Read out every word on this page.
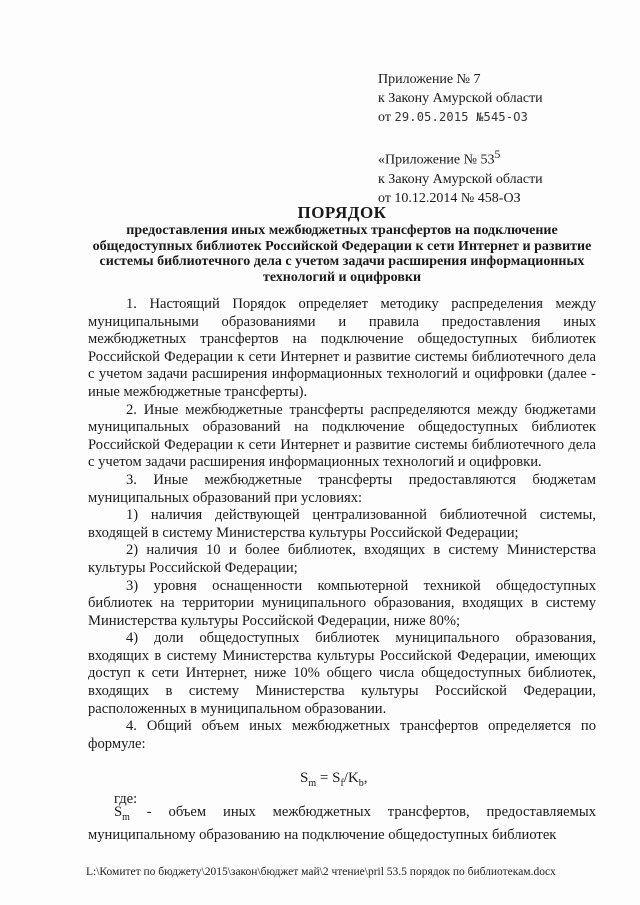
Приложение № 7
к Закону Амурской области
от 29.05.2015 №545-ОЗ
«Приложение № $53^5$
к Закону Амурской области
от 10.12.2014 № 458-ОЗ
ПОРЯДОК
предоставления иных межбюджетных трансфертов на подключение общедоступных библиотек Российской Федерации к сети Интернет и развитие системы библиотечного дела с учетом задачи расширения информационных технологий и оцифровки

1. Настоящий Порядок определяет методику распределения между муниципальными образованиями и правила предоставления иных межбюджетных трансфертов на подключение общедоступных библиотек Российской Федерации к сети Интернет и развитие системы библиотечного дела с учетом задачи расширения информационных технологий и оцифровки (далее - иные межбюджетные трансферты).

2. Иные межбюджетные трансферты распределяются между бюджетами муниципальных образований на подключение общедоступных библиотек Российской Федерации к сети Интернет и развитие системы библиотечного дела с учетом задачи расширения информационных технологий и оцифровки.

3. Иные межбюджетные трансферты предоставляются бюджетам муниципальных образований при условиях:

1) наличия действующей централизованной библиотечной системы, входящей в систему Министерства культуры Российской Федерации;

2) наличия 10 и более библиотек, входящих в систему Министерства культуры Российской Федерации;

3) уровня оснащенности компьютерной техникой общедоступных библиотек на территории муниципального образования, входящих в систему Министерства культуры Российской Федерации, ниже 80%;

4) доли общедоступных библиотек муниципального образования, входящих в систему Министерства культуры Российской Федерации, имеющих доступ к сети Интернет, ниже 10% общего числа общедоступных библиотек, входящих в систему Министерства культуры Российской Федерации, расположенных в муниципальном образовании.

4. Общий объем иных межбюджетных трансфертов определяется по формуле:

$S_m = S_f/K_b$,
где:
$S_m$ - объем иных межбюджетных трансфертов, предоставляемых муниципальному образованию на подключение общедоступных библиотек
L:\Комитет по бюджету\2015\закон\бюджет май\2 чтение\pril 53.5 порядок по библиотекам.docx
